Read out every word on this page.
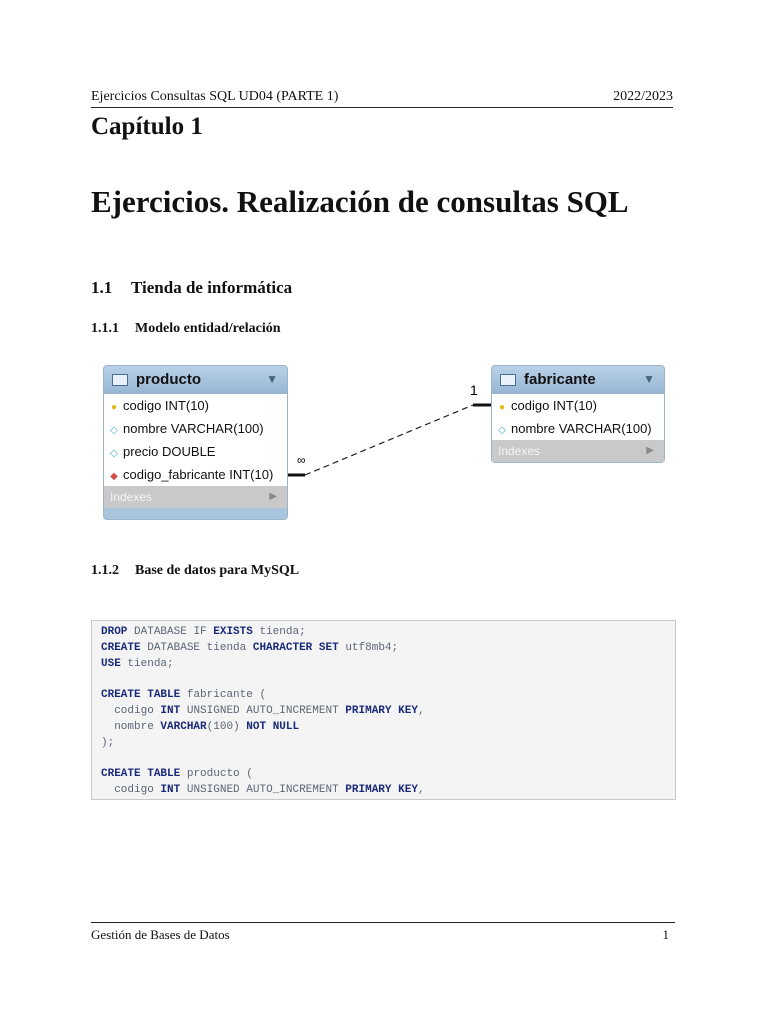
Ejercicios Consultas SQL UD04 (PARTE 1)	2022/2023
Capítulo 1
Ejercicios. Realización de consultas SQL
1.1 Tienda de informática
1.1.1 Modelo entidad/relación
∞
1
producto	▼
● codigo INT(10)
◇ nombre VARCHAR(100)
◇ precio DOUBLE
◆ codigo_fabricante INT(10)
Indexes	▶
fabricante	▼
● codigo INT(10)
◇ nombre VARCHAR(100)
Indexes	▶
1.1.2 Base de datos para MySQL
DROP DATABASE IF EXISTS tienda;
CREATE DATABASE tienda CHARACTER SET utf8mb4;
USE tienda;

CREATE TABLE fabricante (
codigo INT UNSIGNED AUTO_INCREMENT PRIMARY KEY,
nombre VARCHAR(100) NOT NULL
);

CREATE TABLE producto (
codigo INT UNSIGNED AUTO_INCREMENT PRIMARY KEY,

Gestión de Bases de Datos	1
